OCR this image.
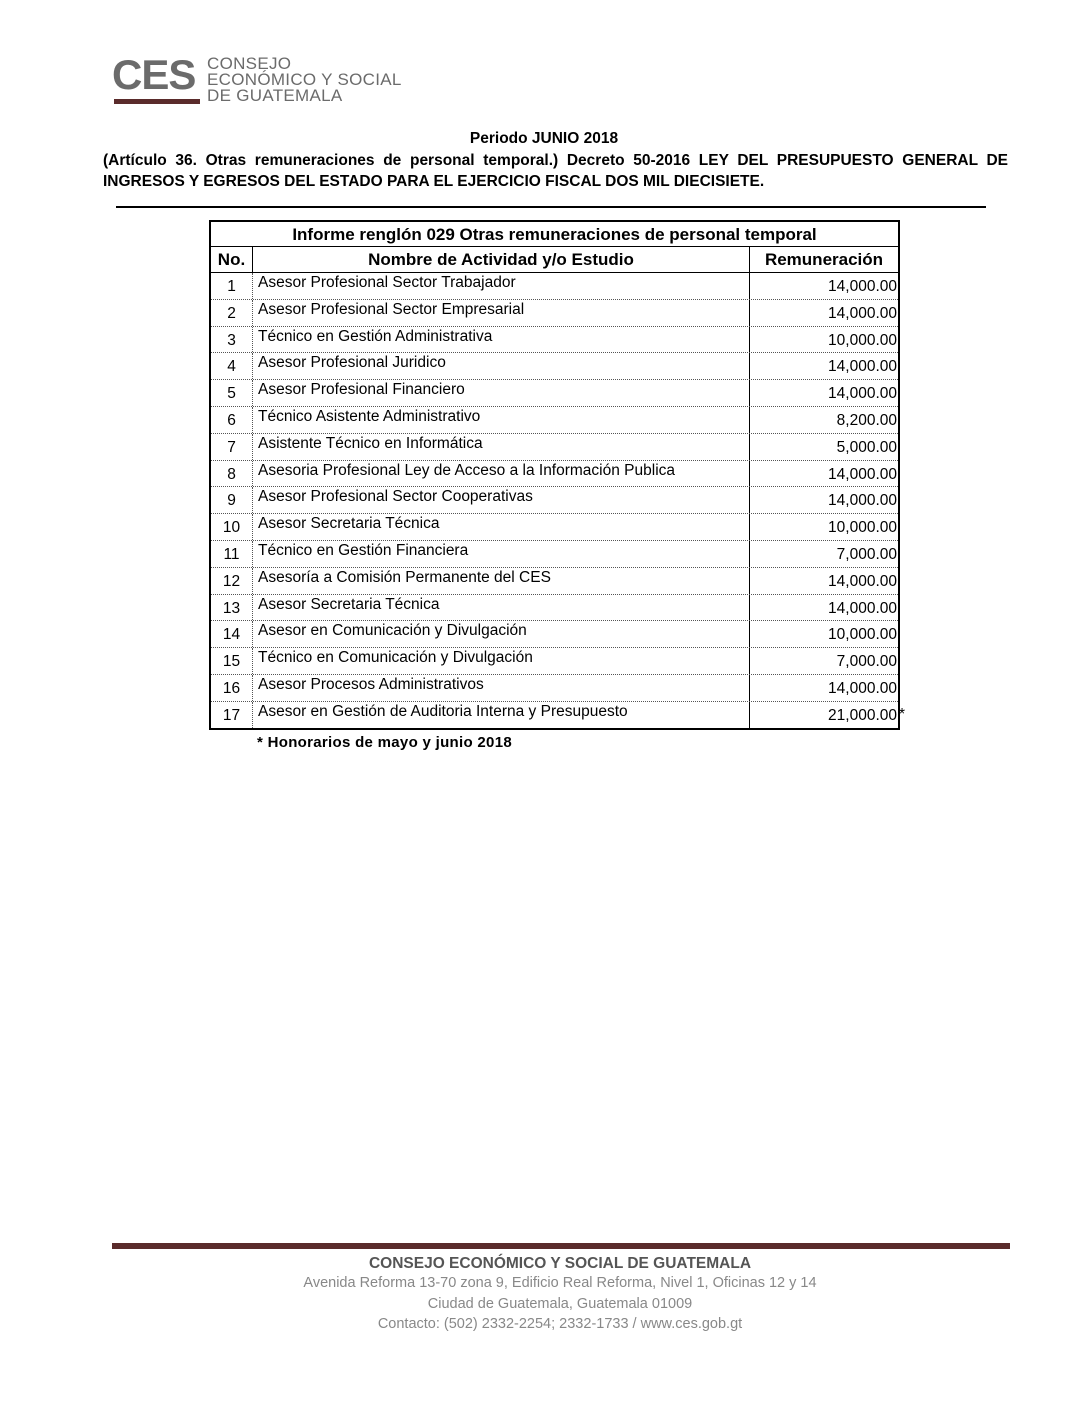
CES CONSEJO
ECONÓMICO Y SOCIAL
DE GUATEMALA
Periodo JUNIO 2018
(Artículo 36. Otras remuneraciones de personal temporal.) Decreto 50-2016 LEY DEL PRESUPUESTO GENERAL DE INGRESOS Y EGRESOS DEL ESTADO PARA EL EJERCICIO FISCAL DOS MIL DIECISIETE.
Informe renglón 029 Otras remuneraciones de personal temporal
No.	Nombre de Actividad y/o Estudio	Remuneración
1	Asesor Profesional Sector Trabajador	14,000.00
2	Asesor Profesional Sector Empresarial	14,000.00
3	Técnico en Gestión Administrativa	10,000.00
4	Asesor Profesional Juridico	14,000.00
5	Asesor Profesional Financiero	14,000.00
6	Técnico Asistente Administrativo	8,200.00
7	Asistente Técnico en Informática	5,000.00
8	Asesoria Profesional Ley de Acceso a la Información Publica	14,000.00
9	Asesor Profesional Sector Cooperativas	14,000.00
10	Asesor Secretaria Técnica	10,000.00
11	Técnico en Gestión Financiera	7,000.00
12	Asesoría a Comisión Permanente del CES	14,000.00
13	Asesor Secretaria Técnica	14,000.00
14	Asesor en Comunicación y Divulgación	10,000.00
15	Técnico en Comunicación y Divulgación	7,000.00
16	Asesor Procesos Administrativos	14,000.00
17	Asesor en Gestión de Auditoria Interna y Presupuesto	21,000.00 *
* Honorarios de mayo y junio 2018
CONSEJO ECONÓMICO Y SOCIAL DE GUATEMALA
Avenida Reforma 13-70 zona 9, Edificio Real Reforma, Nivel 1, Oficinas 12 y 14
Ciudad de Guatemala, Guatemala 01009
Contacto: (502) 2332-2254; 2332-1733 / www.ces.gob.gt
